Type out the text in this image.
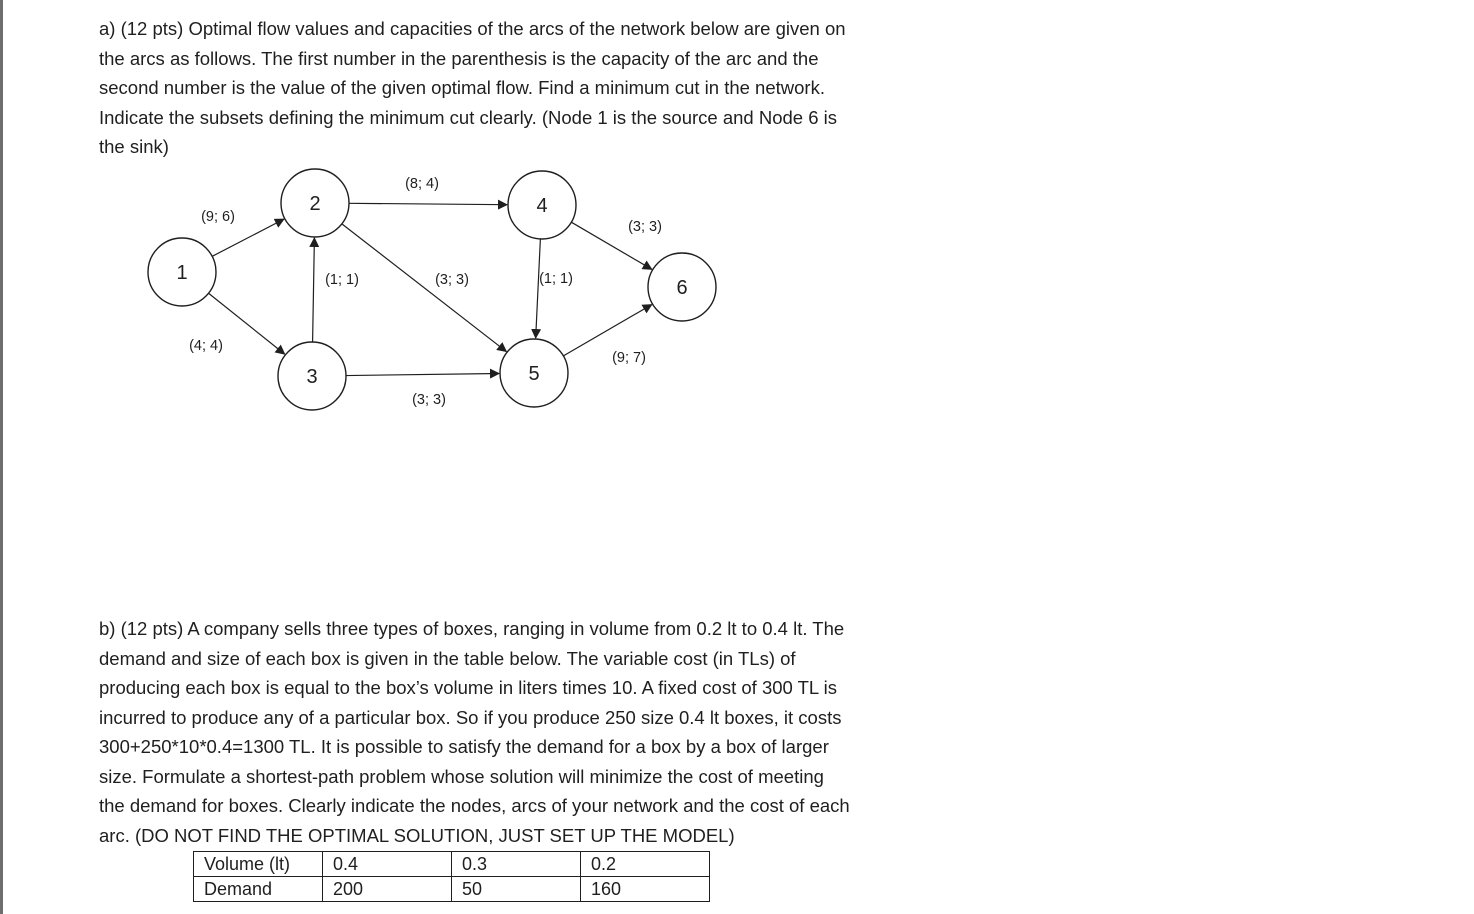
a) (12 pts) Optimal flow values and capacities of the arcs of the network below are given on
the arcs as follows. The first number in the parenthesis is the capacity of the arc and the
second number is the value of the given optimal flow. Find a minimum cut in the network.
Indicate the subsets defining the minimum cut clearly. (Node 1 is the source and Node 6 is
the sink)
(9; 6)
(4; 4)
(1; 1)
(8; 4)
(3; 3)
(3; 3)
(1; 1)
(3; 3)
(9; 7)
1
2
3
4
5
6
b) (12 pts) A company sells three types of boxes, ranging in volume from 0.2 lt to 0.4 lt. The
demand and size of each box is given in the table below. The variable cost (in TLs) of
producing each box is equal to the box’s volume in liters times 10. A fixed cost of 300 TL is
incurred to produce any of a particular box. So if you produce 250 size 0.4 lt boxes, it costs
300+250*10*0.4=1300 TL. It is possible to satisfy the demand for a box by a box of larger
size. Formulate a shortest-path problem whose solution will minimize the cost of meeting
the demand for boxes. Clearly indicate the nodes, arcs of your network and the cost of each
arc. (DO NOT FIND THE OPTIMAL SOLUTION, JUST SET UP THE MODEL)
Volume (lt)	0.4	0.3	0.2
Demand	200	50	160
